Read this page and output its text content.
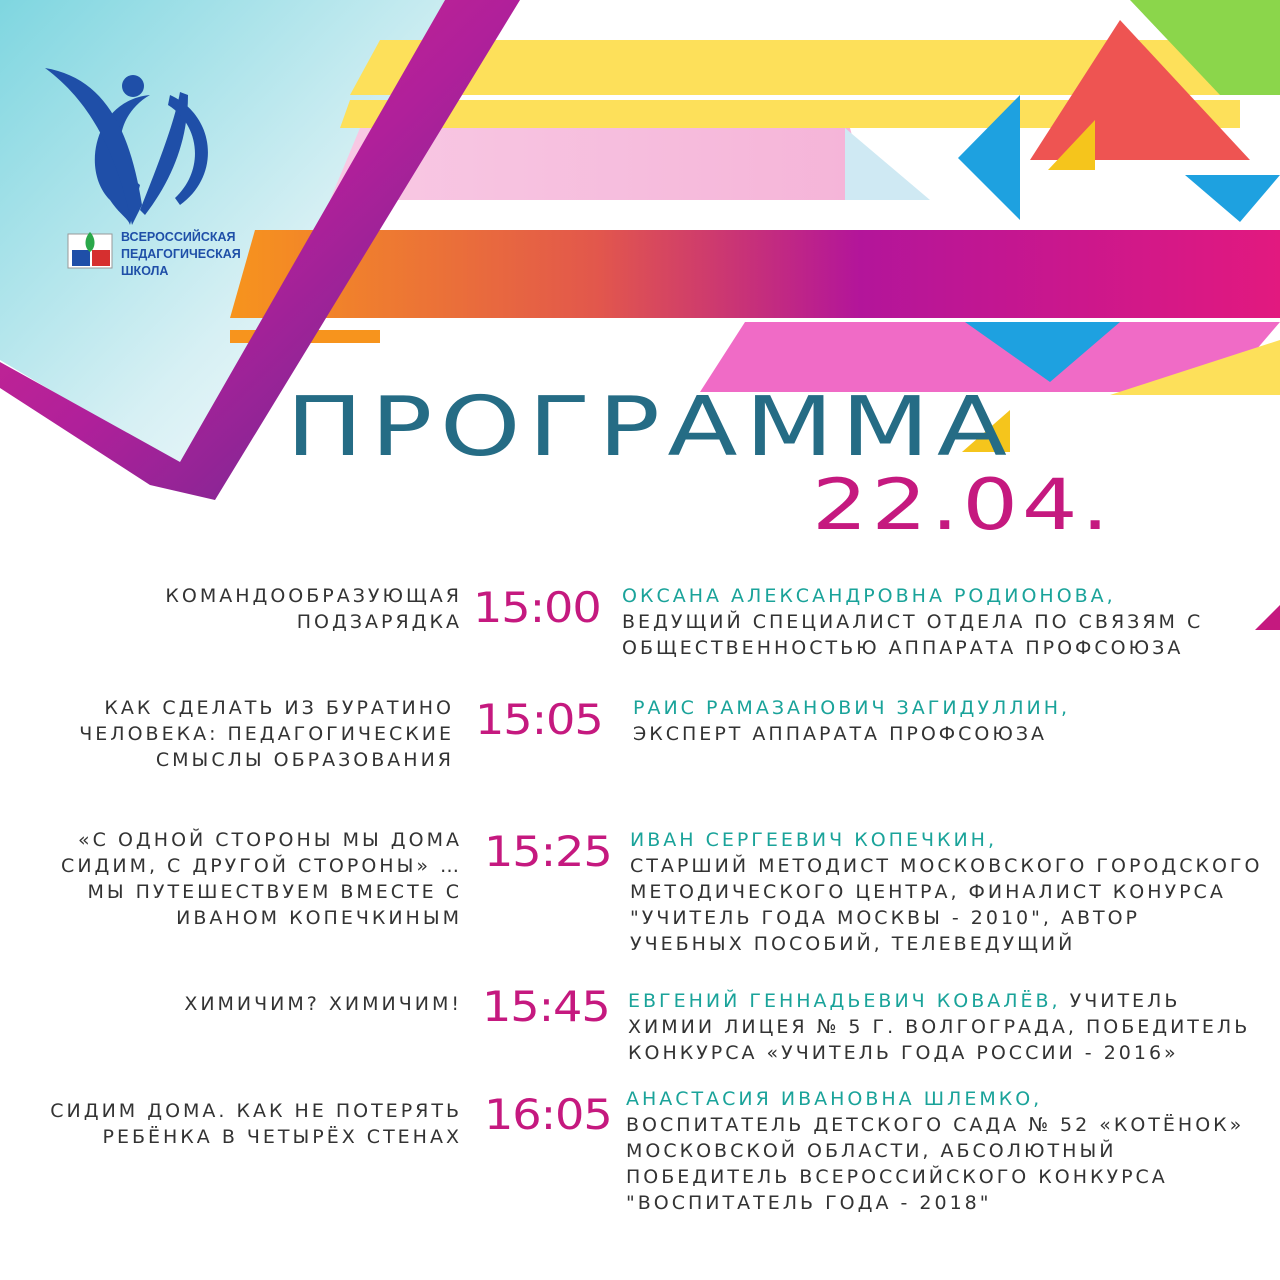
ВСЕРОССИЙСКАЯ
ПЕДАГОГИЧЕСКАЯ
ШКОЛА
ПРОГРАММА
22.04.
КОМАНДООБРАЗУЮЩАЯ
ПОДЗАРЯДКА 15:00 ОКСАНА АЛЕКСАНДРОВНА РОДИОНОВА,
ВЕДУЩИЙ СПЕЦИАЛИСТ ОТДЕЛА ПО СВЯЗЯМ С
ОБЩЕСТВЕННОСТЬЮ АППАРАТА ПРОФСОЮЗА
КАК СДЕЛАТЬ ИЗ БУРАТИНО
ЧЕЛОВЕКА: ПЕДАГОГИЧЕСКИЕ
СМЫСЛЫ ОБРАЗОВАНИЯ
15:05 РАИС РАМАЗАНОВИЧ ЗАГИДУЛЛИН,
ЭКСПЕРТ АППАРАТА ПРОФСОЮЗА
«С ОДНОЙ СТОРОНЫ МЫ ДОМА
СИДИМ, С ДРУГОЙ СТОРОНЫ» …
МЫ ПУТЕШЕСТВУЕМ ВМЕСТЕ С
ИВАНОМ КОПЕЧКИНЫМ
15:25 ИВАН СЕРГЕЕВИЧ КОПЕЧКИН,
СТАРШИЙ МЕТОДИСТ МОСКОВСКОГО ГОРОДСКОГО
МЕТОДИЧЕСКОГО ЦЕНТРА, ФИНАЛИСТ КОНУРСА
"УЧИТЕЛЬ ГОДА МОСКВЫ - 2010", АВТОР
УЧЕБНЫХ ПОСОБИЙ, ТЕЛЕВЕДУЩИЙ
ХИМИЧИМ? ХИМИЧИМ! 15:45 ЕВГЕНИЙ ГЕННАДЬЕВИЧ КОВАЛЁВ, УЧИТЕЛЬ
ХИМИИ ЛИЦЕЯ № 5 Г. ВОЛГОГРАДА, ПОБЕДИТЕЛЬ
КОНКУРСА «УЧИТЕЛЬ ГОДА РОССИИ - 2016»
СИДИМ ДОМА. КАК НЕ ПОТЕРЯТЬ
РЕБЁНКА В ЧЕТЫРЁХ СТЕНАХ 16:05 АНАСТАСИЯ ИВАНОВНА ШЛЕМКО,
ВОСПИТАТЕЛЬ ДЕТСКОГО САДА № 52 «КОТЁНОК»
МОСКОВСКОЙ ОБЛАСТИ, АБСОЛЮТНЫЙ
ПОБЕДИТЕЛЬ ВСЕРОССИЙСКОГО КОНКУРСА
"ВОСПИТАТЕЛЬ ГОДА - 2018"
